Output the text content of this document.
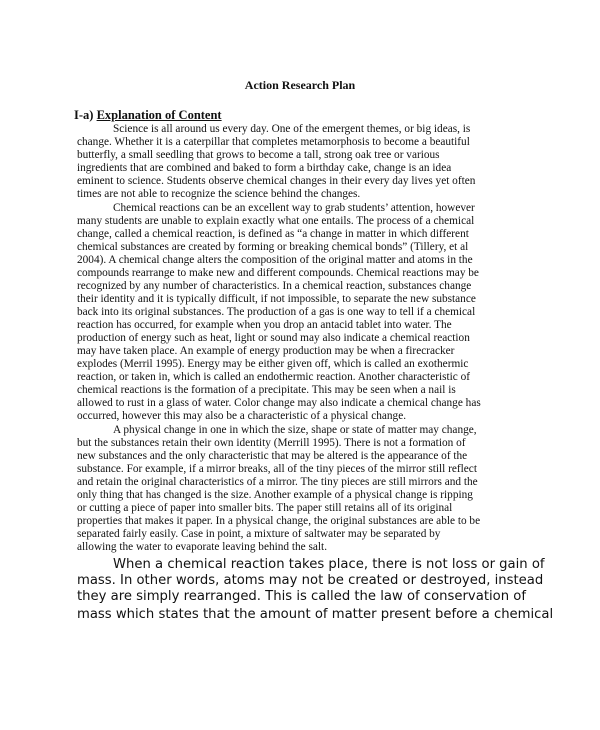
Action Research Plan
I-a) Explanation of Content
Science is all around us every day. One of the emergent themes, or big ideas, is
change. Whether it is a caterpillar that completes metamorphosis to become a beautiful
butterfly, a small seedling that grows to become a tall, strong oak tree or various
ingredients that are combined and baked to form a birthday cake, change is an idea
eminent to science. Students observe chemical changes in their every day lives yet often
times are not able to recognize the science behind the changes.
Chemical reactions can be an excellent way to grab students’ attention, however
many students are unable to explain exactly what one entails. The process of a chemical
change, called a chemical reaction, is defined as “a change in matter in which different
chemical substances are created by forming or breaking chemical bonds” (Tillery, et al
2004). A chemical change alters the composition of the original matter and atoms in the
compounds rearrange to make new and different compounds. Chemical reactions may be
recognized by any number of characteristics. In a chemical reaction, substances change
their identity and it is typically difficult, if not impossible, to separate the new substance
back into its original substances. The production of a gas is one way to tell if a chemical
reaction has occurred, for example when you drop an antacid tablet into water. The
production of energy such as heat, light or sound may also indicate a chemical reaction
may have taken place. An example of energy production may be when a firecracker
explodes (Merril 1995). Energy may be either given off, which is called an exothermic
reaction, or taken in, which is called an endothermic reaction. Another characteristic of
chemical reactions is the formation of a precipitate. This may be seen when a nail is
allowed to rust in a glass of water. Color change may also indicate a chemical change has
occurred, however this may also be a characteristic of a physical change.
A physical change in one in which the size, shape or state of matter may change,
but the substances retain their own identity (Merrill 1995). There is not a formation of
new substances and the only characteristic that may be altered is the appearance of the
substance. For example, if a mirror breaks, all of the tiny pieces of the mirror still reflect
and retain the original characteristics of a mirror. The tiny pieces are still mirrors and the
only thing that has changed is the size. Another example of a physical change is ripping
or cutting a piece of paper into smaller bits. The paper still retains all of its original
properties that makes it paper. In a physical change, the original substances are able to be
separated fairly easily. Case in point, a mixture of saltwater may be separated by
allowing the water to evaporate leaving behind the salt.
When a chemical reaction takes place, there is not loss or gain of
mass. In other words, atoms may not be created or destroyed, instead
they are simply rearranged. This is called the law of conservation of
mass which states that the amount of matter present before a chemical
